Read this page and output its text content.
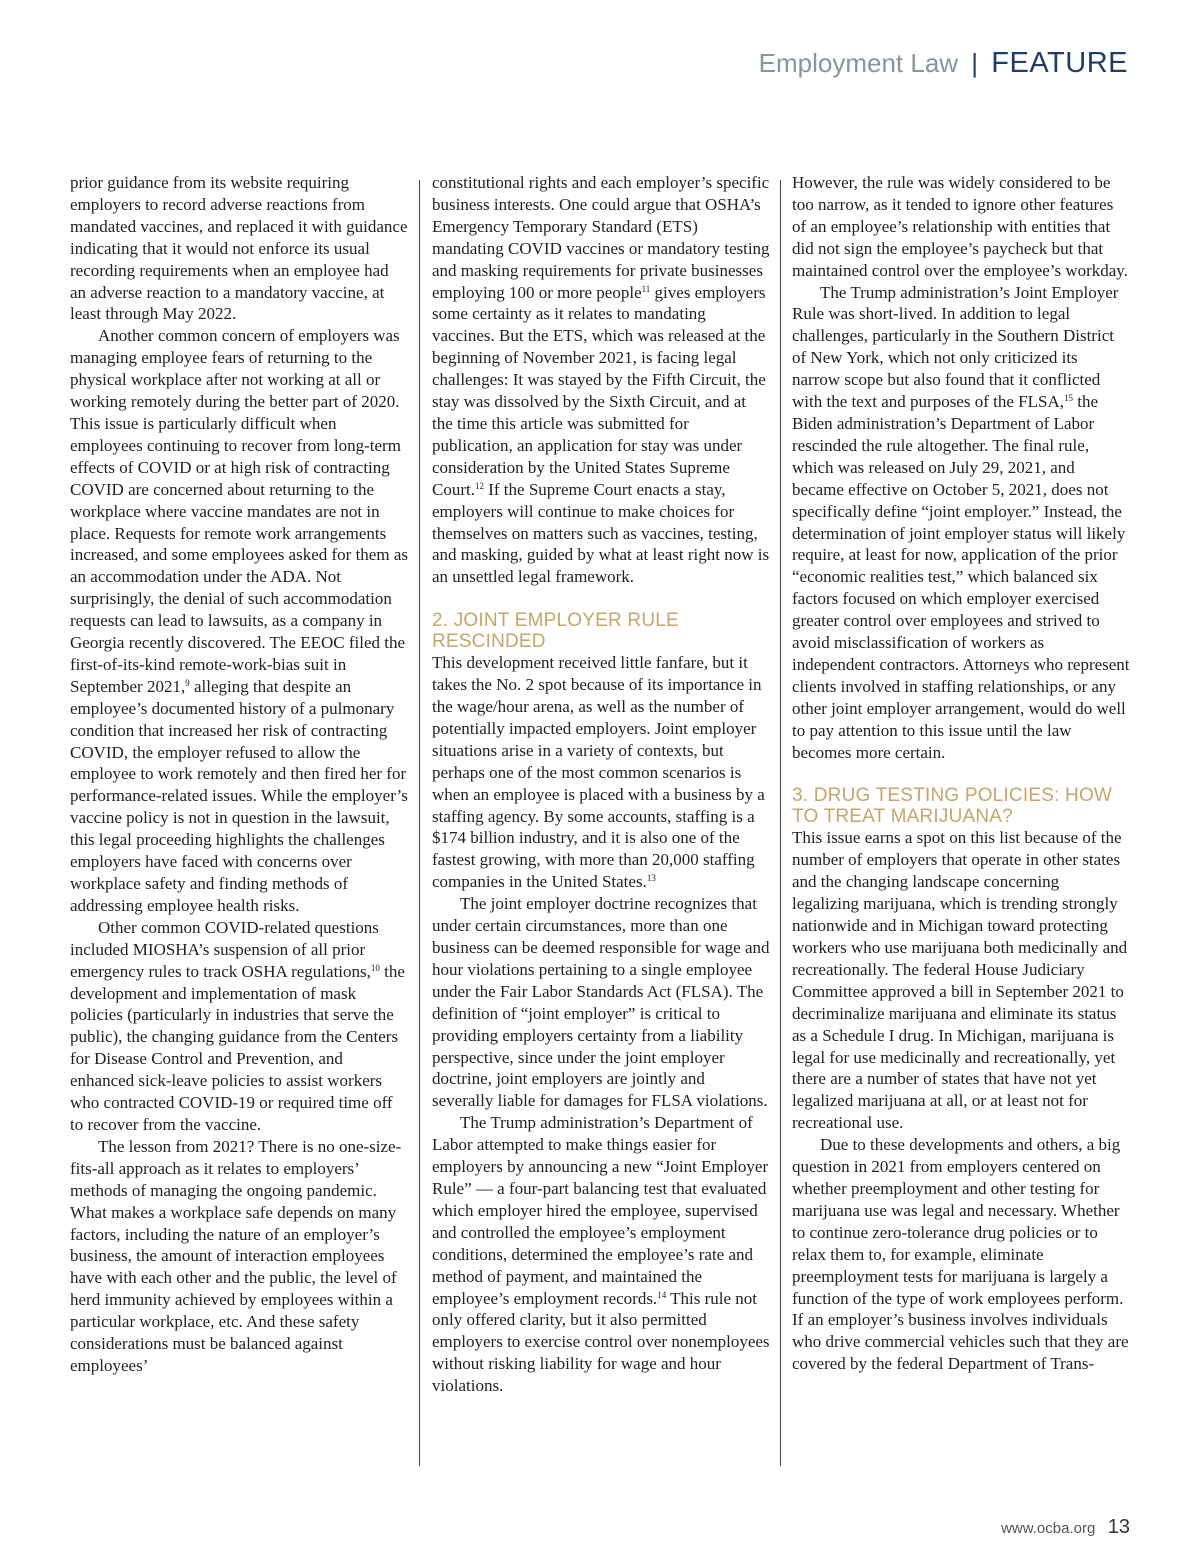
Employment Law | FEATURE

prior guidance from its website requiring employers to record adverse reactions from mandated vaccines, and replaced it with guidance indicating that it would not enforce its usual recording requirements when an employee had an adverse reaction to a mandatory vaccine, at least through May 2022.

Another common concern of employers was managing employee fears of returning to the physical workplace after not working at all or working remotely during the better part of 2020. This issue is particularly difficult when employees continuing to recover from long-term effects of COVID or at high risk of contracting COVID are concerned about returning to the workplace where vaccine mandates are not in place. Requests for remote work arrangements increased, and some employees asked for them as an accommodation under the ADA. Not surprisingly, the denial of such accommodation requests can lead to lawsuits, as a company in Georgia recently discovered. The EEOC filed the first-of-its-kind remote-work-bias suit in September 2021,$^9$ alleging that despite an employee’s documented history of a pulmonary condition that increased her risk of contracting COVID, the employer refused to allow the employee to work remotely and then fired her for performance-related issues. While the employer’s vaccine policy is not in question in the lawsuit, this legal proceeding highlights the challenges employers have faced with concerns over workplace safety and finding methods of addressing employee health risks.

Other common COVID-related questions included MIOSHA’s suspension of all prior emergency rules to track OSHA regulations,$^{10}$ the development and implementation of mask policies (particularly in industries that serve the public), the changing guidance from the Centers for Disease Control and Prevention, and enhanced sick-leave policies to assist workers who contracted COVID-19 or required time off to recover from the vaccine.

The lesson from 2021? There is no one-size-fits-all approach as it relates to employers’ methods of managing the ongoing pandemic. What makes a workplace safe depends on many factors, including the nature of an employer’s business, the amount of interaction employees have with each other and the public, the level of herd immunity achieved by employees within a particular workplace, etc. And these safety considerations must be balanced against employees’

constitutional rights and each employer’s specific business interests. One could argue that OSHA’s Emergency Temporary Standard (ETS) mandating COVID vaccines or mandatory testing and masking requirements for private businesses employing 100 or more people$^{11}$ gives employers some certainty as it relates to mandating vaccines. But the ETS, which was released at the beginning of November 2021, is facing legal challenges: It was stayed by the Fifth Circuit, the stay was dissolved by the Sixth Circuit, and at the time this article was submitted for publication, an application for stay was under consideration by the United States Supreme Court.$^{12}$ If the Supreme Court enacts a stay, employers will continue to make choices for themselves on matters such as vaccines, testing, and masking, guided by what at least right now is an unsettled legal framework.

2. JOINT EMPLOYER RULE RESCINDED

This development received little fanfare, but it takes the No. 2 spot because of its importance in the wage/hour arena, as well as the number of potentially impacted employers. Joint employer situations arise in a variety of contexts, but perhaps one of the most common scenarios is when an employee is placed with a business by a staffing agency. By some accounts, staffing is a $174 billion industry, and it is also one of the fastest growing, with more than 20,000 staffing companies in the United States.$^{13}$

The joint employer doctrine recognizes that under certain circumstances, more than one business can be deemed responsible for wage and hour violations pertaining to a single employee under the Fair Labor Standards Act (FLSA). The definition of “joint employer” is critical to providing employers certainty from a liability perspective, since under the joint employer doctrine, joint employers are jointly and severally liable for damages for FLSA violations.

The Trump administration’s Department of Labor attempted to make things easier for employers by announcing a new “Joint Employer Rule” — a four-part balancing test that evaluated which employer hired the employee, supervised and controlled the employee’s employment conditions, determined the employee’s rate and method of payment, and maintained the employee’s employment records.$^{14}$ This rule not only offered clarity, but it also permitted employers to exercise control over nonemployees without risking liability for wage and hour violations.

However, the rule was widely considered to be too narrow, as it tended to ignore other features of an employee’s relationship with entities that did not sign the employee’s paycheck but that maintained control over the employee’s workday.

The Trump administration’s Joint Employer Rule was short-lived. In addition to legal challenges, particularly in the Southern District of New York, which not only criticized its narrow scope but also found that it conflicted with the text and purposes of the FLSA,$^{15}$ the Biden administration’s Department of Labor rescinded the rule altogether. The final rule, which was released on July 29, 2021, and became effective on October 5, 2021, does not specifically define “joint employer.” Instead, the determination of joint employer status will likely require, at least for now, application of the prior “economic realities test,” which balanced six factors focused on which employer exercised greater control over employees and strived to avoid misclassification of workers as independent contractors. Attorneys who represent clients involved in staffing relationships, or any other joint employer arrangement, would do well to pay attention to this issue until the law becomes more certain.

3. DRUG TESTING POLICIES: HOW TO TREAT MARIJUANA?

This issue earns a spot on this list because of the number of employers that operate in other states and the changing landscape concerning legalizing marijuana, which is trending strongly nationwide and in Michigan toward protecting workers who use marijuana both medicinally and recreationally. The federal House Judiciary Committee approved a bill in September 2021 to decriminalize marijuana and eliminate its status as a Schedule I drug. In Michigan, marijuana is legal for use medicinally and recreationally, yet there are a number of states that have not yet legalized marijuana at all, or at least not for recreational use.

Due to these developments and others, a big question in 2021 from employers centered on whether preemployment and other testing for marijuana use was legal and necessary. Whether to continue zero-tolerance drug policies or to relax them to, for example, eliminate preemployment tests for marijuana is largely a function of the type of work employees perform. If an employer’s business involves individuals who drive commercial vehicles such that they are covered by the federal Department of Trans-

www.ocba.org 13
